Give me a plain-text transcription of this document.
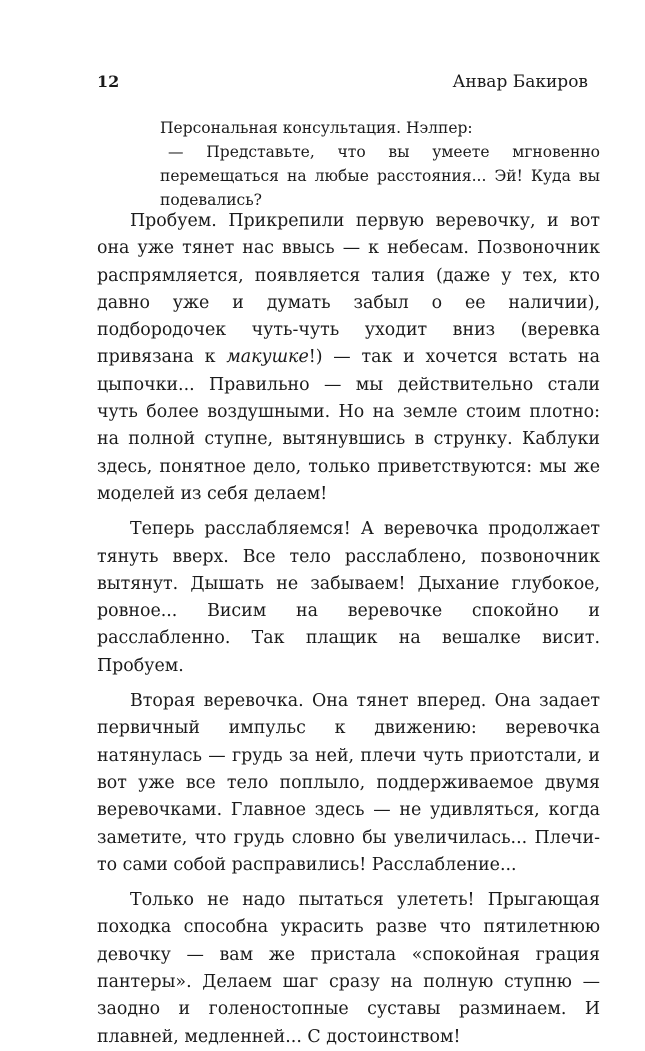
12	Анвар Бакиров

Персональная консультация. Нэлпер:

— Представьте, что вы умеете мгновенно перемещаться на любые расстояния... Эй! Куда вы подевались?

Пробуем. Прикрепили первую веревочку, и вот она уже тянет нас ввысь — к небесам. Позвоночник распрямляется, появляется талия (даже у тех, кто давно уже и думать забыл о ее наличии), подбородочек чуть-чуть уходит вниз (веревка привязана к макушке!) — так и хочется встать на цыпочки... Правильно — мы действительно стали чуть более воздушными. Но на земле стоим плотно: на полной ступне, вытянувшись в струнку. Каблуки здесь, понятное дело, только приветствуются: мы же моделей из себя делаем!

Теперь расслабляемся! А веревочка продолжает тянуть вверх. Все тело расслаблено, позвоночник вытянут. Дышать не забываем! Дыхание глубокое, ровное... Висим на веревочке спокойно и расслабленно. Так плащик на вешалке висит. Пробуем.

Вторая веревочка. Она тянет вперед. Она задает первичный импульс к движению: веревочка натянулась — грудь за ней, плечи чуть приотстали, и вот уже все тело поплыло, поддерживаемое двумя веревочками. Главное здесь — не удивляться, когда заметите, что грудь словно бы увеличилась... Плечи-то сами собой расправились! Расслабление...

Только не надо пытаться улететь! Прыгающая походка способна украсить разве что пятилетнюю девочку — вам же пристала «спокойная грация пантеры». Делаем шаг сразу на полную ступню — заодно и голеностопные суставы разминаем. И плавней, медленней... С достоинством!
